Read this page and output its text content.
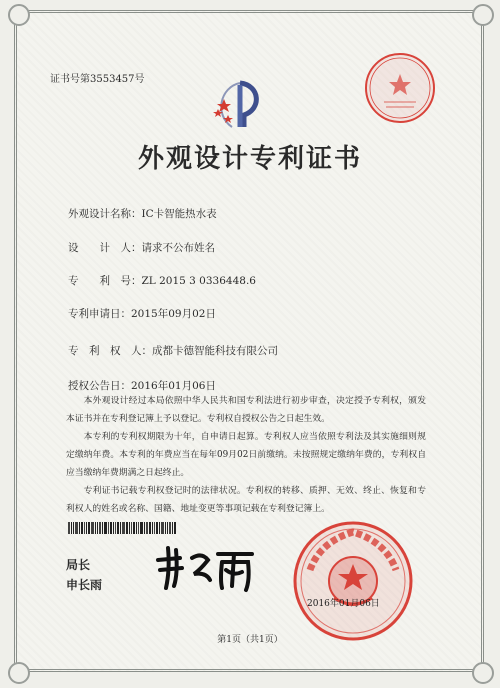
证书号第3553457号
外观设计专利证书
外观设计名称：IC卡智能热水表
设　　计　人：请求不公布姓名
专　　利　号：ZL 2015 3 0336448.6
专利申请日：2015年09月02日
专　利　权　人：成都卡德智能科技有限公司
授权公告日：2016年01月06日

本外观设计经过本局依照中华人民共和国专利法进行初步审查，决定授予专利权，颁发本证书并在专利登记簿上予以登记。专利权自授权公告之日起生效。

本专利的专利权期限为十年，自申请日起算。专利权人应当依照专利法及其实施细则规定缴纳年费。本专利的年费应当在每年09月02日前缴纳。未按照规定缴纳年费的，专利权自应当缴纳年费期满之日起终止。

专利证书记载专利权登记时的法律状况。专利权的转移、质押、无效、终止、恢复和专利权人的姓名或名称、国籍、地址变更等事项记载在专利登记簿上。

局长
申长雨
2016年01月06日
第1页（共1页）
